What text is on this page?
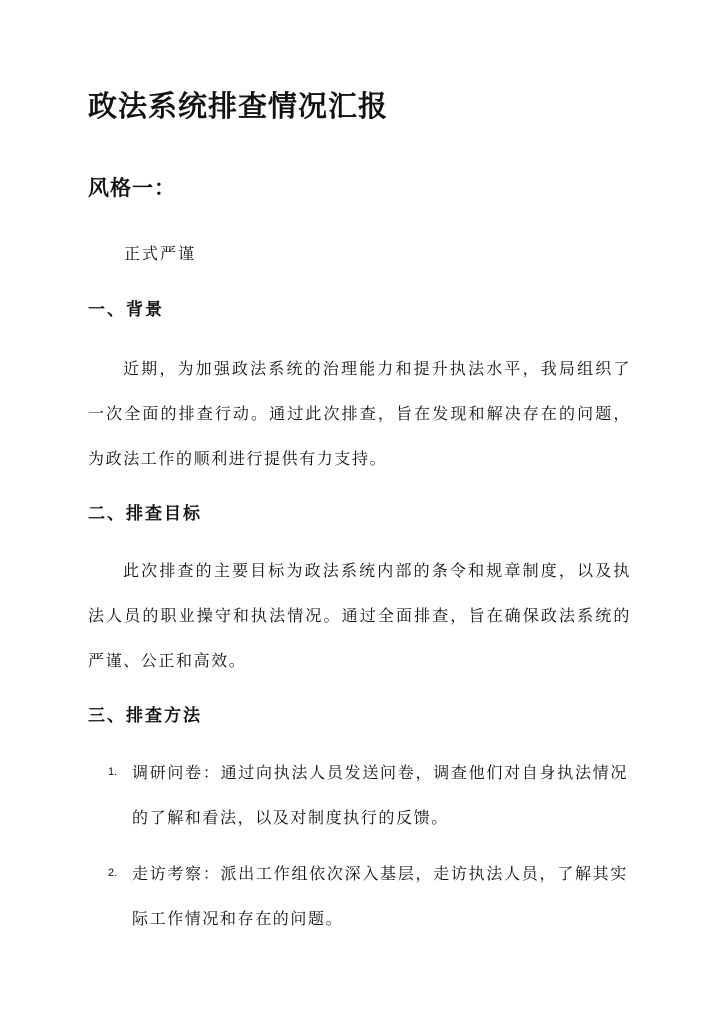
政法系统排查情况汇报
风格一：

正式严谨

一、背景

近期，为加强政法系统的治理能力和提升执法水平，我局组织了一次全面的排查行动。通过此次排查，旨在发现和解决存在的问题，为政法工作的顺利进行提供有力支持。

二、排查目标

此次排查的主要目标为政法系统内部的条令和规章制度，以及执法人员的职业操守和执法情况。通过全面排查，旨在确保政法系统的严谨、公正和高效。

三、排查方法
1. 调研问卷：通过向执法人员发送问卷，调查他们对自身执法情况的了解和看法，以及对制度执行的反馈。
2. 走访考察：派出工作组依次深入基层，走访执法人员，了解其实际工作情况和存在的问题。
